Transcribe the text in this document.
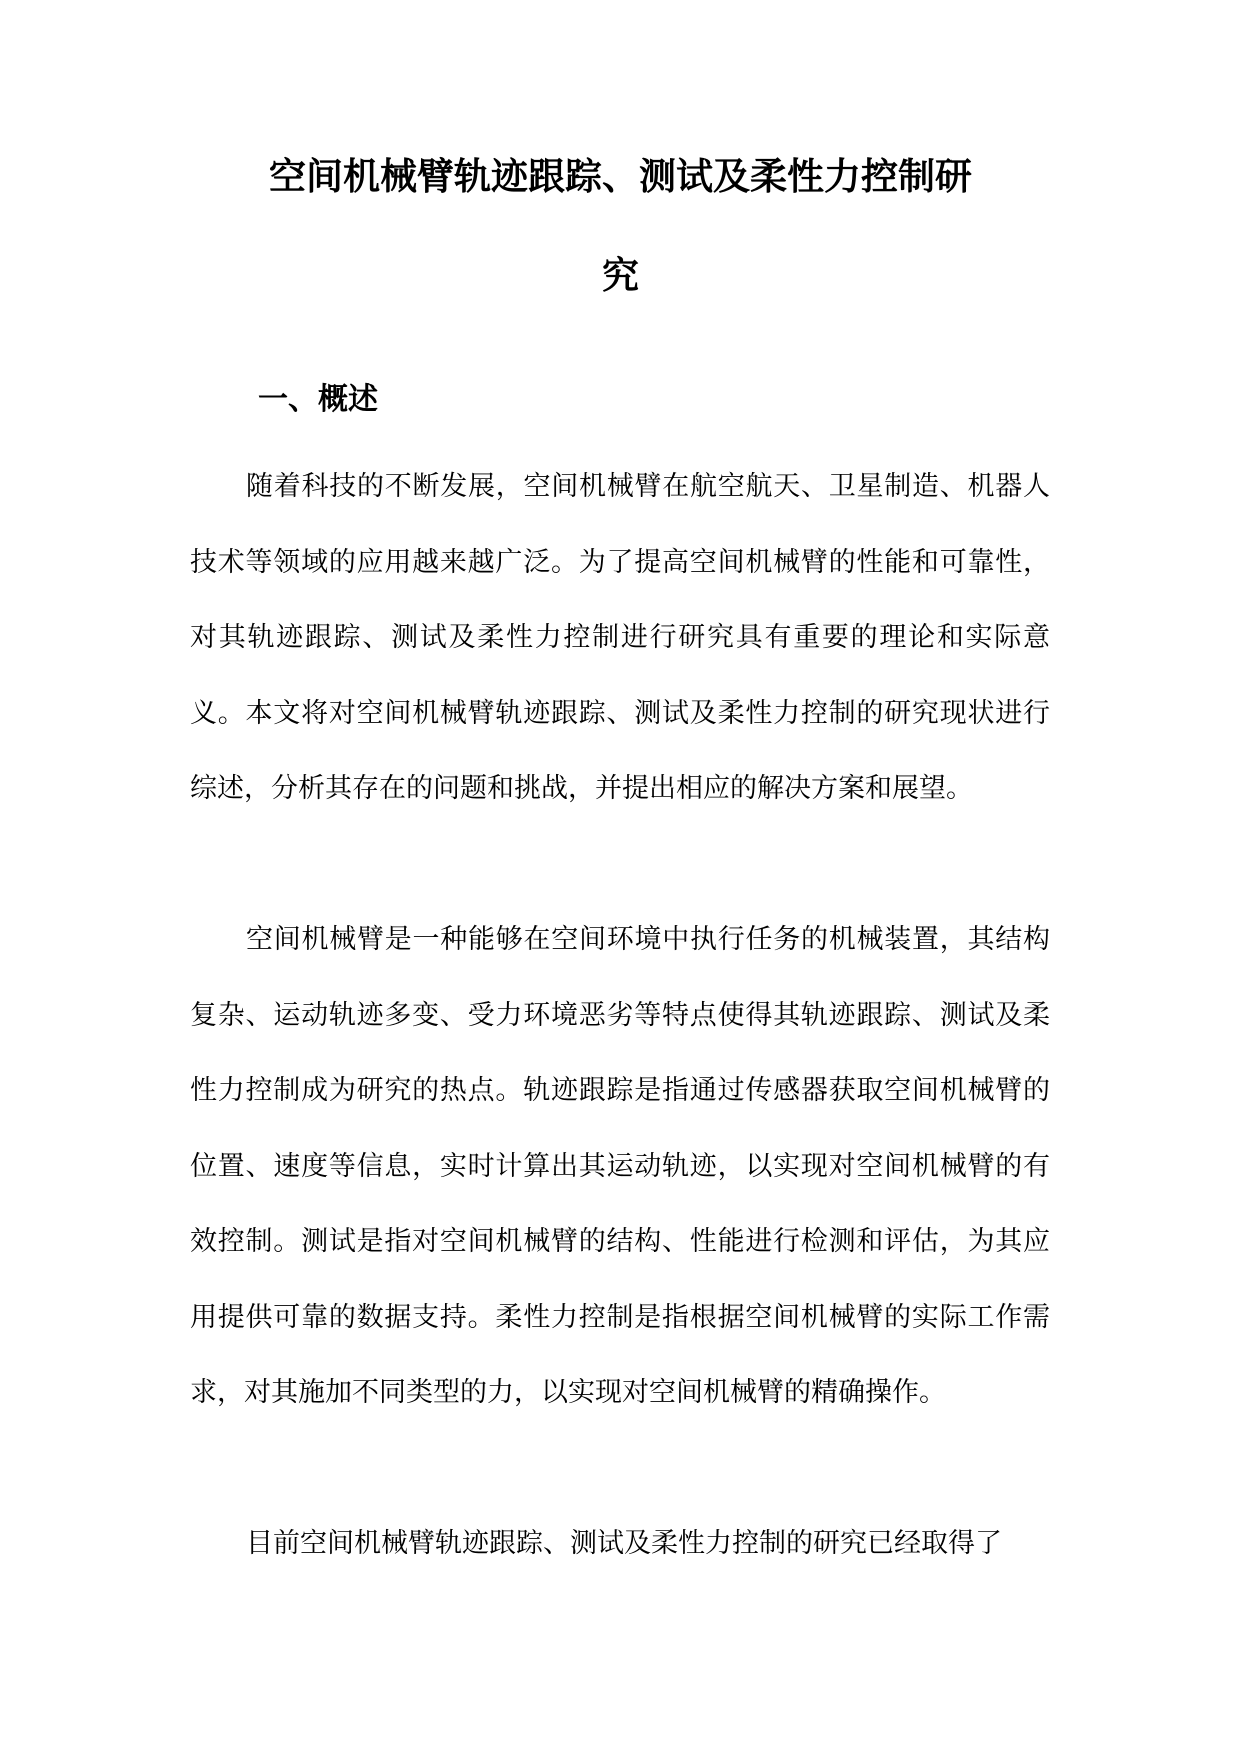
空间机械臂轨迹跟踪、测试及柔性力控制研
究
一、概述

随着科技的不断发展，空间机械臂在航空航天、卫星制造、机器人技术等领域的应用越来越广泛。为了提高空间机械臂的性能和可靠性，对其轨迹跟踪、测试及柔性力控制进行研究具有重要的理论和实际意义。本文将对空间机械臂轨迹跟踪、测试及柔性力控制的研究现状进行综述，分析其存在的问题和挑战，并提出相应的解决方案和展望。

空间机械臂是一种能够在空间环境中执行任务的机械装置，其结构复杂、运动轨迹多变、受力环境恶劣等特点使得其轨迹跟踪、测试及柔性力控制成为研究的热点。轨迹跟踪是指通过传感器获取空间机械臂的位置、速度等信息，实时计算出其运动轨迹，以实现对空间机械臂的有效控制。测试是指对空间机械臂的结构、性能进行检测和评估，为其应用提供可靠的数据支持。柔性力控制是指根据空间机械臂的实际工作需求，对其施加不同类型的力，以实现对空间机械臂的精确操作。

目前空间机械臂轨迹跟踪、测试及柔性力控制的研究已经取得了
